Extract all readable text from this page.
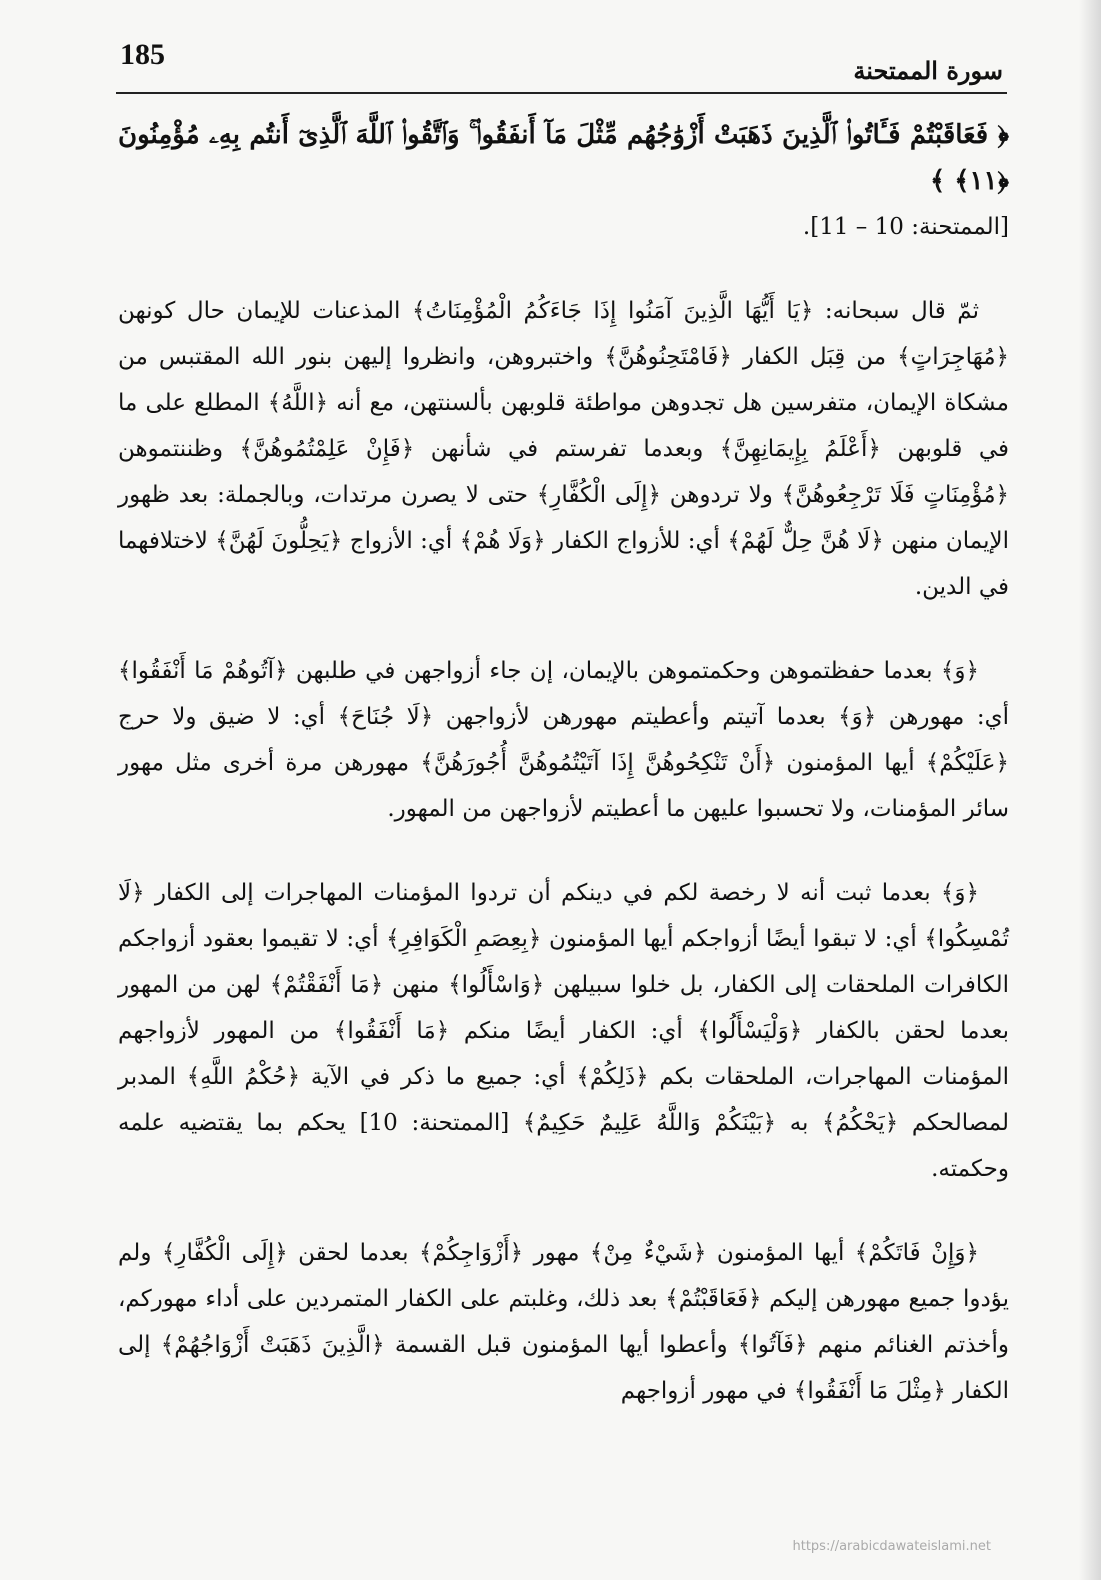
185	سورة الممتحنة

﴿ فَعَاقَبْتُمْ فَـَٔاتُوا۟ ٱلَّذِينَ ذَهَبَتْ أَزْوَٰجُهُم مِّثْلَ مَآ أَنفَقُوا۟ ۚ وَٱتَّقُوا۟ ٱللَّهَ ٱلَّذِىٓ أَنتُم بِهِۦ مُؤْمِنُونَ ﴿١١﴾ ﴾

[الممتحنة: 10 – 11].

ثمّ قال سبحانه: ﴿يَا أَيُّهَا الَّذِينَ آمَنُوا إِذَا جَاءَكُمُ الْمُؤْمِنَاتُ﴾ المذعنات للإيمان حال كونهن ﴿مُهَاجِرَاتٍ﴾ من قِبَل الكفار ﴿فَامْتَحِنُوهُنَّ﴾ واختبروهن، وانظروا إليهن بنور الله المقتبس من مشكاة الإيمان، متفرسين هل تجدوهن مواطئة قلوبهن بألسنتهن، مع أنه ﴿اللَّهُ﴾ المطلع على ما في قلوبهن ﴿أَعْلَمُ بِإِيمَانِهِنَّ﴾ وبعدما تفرستم في شأنهن ﴿فَإِنْ عَلِمْتُمُوهُنَّ﴾ وظننتموهن ﴿مُؤْمِنَاتٍ فَلَا تَرْجِعُوهُنَّ﴾ ولا تردوهن ﴿إِلَى الْكُفَّارِ﴾ حتى لا يصرن مرتدات، وبالجملة: بعد ظهور الإيمان منهن ﴿لَا هُنَّ حِلٌّ لَهُمْ﴾ أي: للأزواج الكفار ﴿وَلَا هُمْ﴾ أي: الأزواج ﴿يَحِلُّونَ لَهُنَّ﴾ لاختلافهما في الدين.

﴿وَ﴾ بعدما حفظتموهن وحكمتموهن بالإيمان، إن جاء أزواجهن في طلبهن ﴿آتُوهُمْ مَا أَنْفَقُوا﴾ أي: مهورهن ﴿وَ﴾ بعدما آتيتم وأعطيتم مهورهن لأزواجهن ﴿لَا جُنَاحَ﴾ أي: لا ضيق ولا حرج ﴿عَلَيْكُمْ﴾ أيها المؤمنون ﴿أَنْ تَنْكِحُوهُنَّ إِذَا آتَيْتُمُوهُنَّ أُجُورَهُنَّ﴾ مهورهن مرة أخرى مثل مهور سائر المؤمنات، ولا تحسبوا عليهن ما أعطيتم لأزواجهن من المهور.

﴿وَ﴾ بعدما ثبت أنه لا رخصة لكم في دينكم أن تردوا المؤمنات المهاجرات إلى الكفار ﴿لَا تُمْسِكُوا﴾ أي: لا تبقوا أيضًا أزواجكم أيها المؤمنون ﴿بِعِصَمِ الْكَوَافِرِ﴾ أي: لا تقيموا بعقود أزواجكم الكافرات الملحقات إلى الكفار، بل خلوا سبيلهن ﴿وَاسْأَلُوا﴾ منهن ﴿مَا أَنْفَقْتُمْ﴾ لهن من المهور بعدما لحقن بالكفار ﴿وَلْيَسْأَلُوا﴾ أي: الكفار أيضًا منكم ﴿مَا أَنْفَقُوا﴾ من المهور لأزواجهم المؤمنات المهاجرات، الملحقات بكم ﴿ذَلِكُمْ﴾ أي: جميع ما ذكر في الآية ﴿حُكْمُ اللَّهِ﴾ المدبر لمصالحكم ﴿يَحْكُمُ﴾ به ﴿بَيْنَكُمْ وَاللَّهُ عَلِيمٌ حَكِيمٌ﴾ [الممتحنة: 10] يحكم بما يقتضيه علمه وحكمته.

﴿وَإِنْ فَاتَكُمْ﴾ أيها المؤمنون ﴿شَيْءٌ مِنْ﴾ مهور ﴿أَزْوَاجِكُمْ﴾ بعدما لحقن ﴿إِلَى الْكُفَّارِ﴾ ولم يؤدوا جميع مهورهن إليكم ﴿فَعَاقَبْتُمْ﴾ بعد ذلك، وغلبتم على الكفار المتمردين على أداء مهوركم، وأخذتم الغنائم منهم ﴿فَآتُوا﴾ وأعطوا أيها المؤمنون قبل القسمة ﴿الَّذِينَ ذَهَبَتْ أَزْوَاجُهُمْ﴾ إلى الكفار ﴿مِثْلَ مَا أَنْفَقُوا﴾ في مهور أزواجهم

https://arabicdawateislami.net
